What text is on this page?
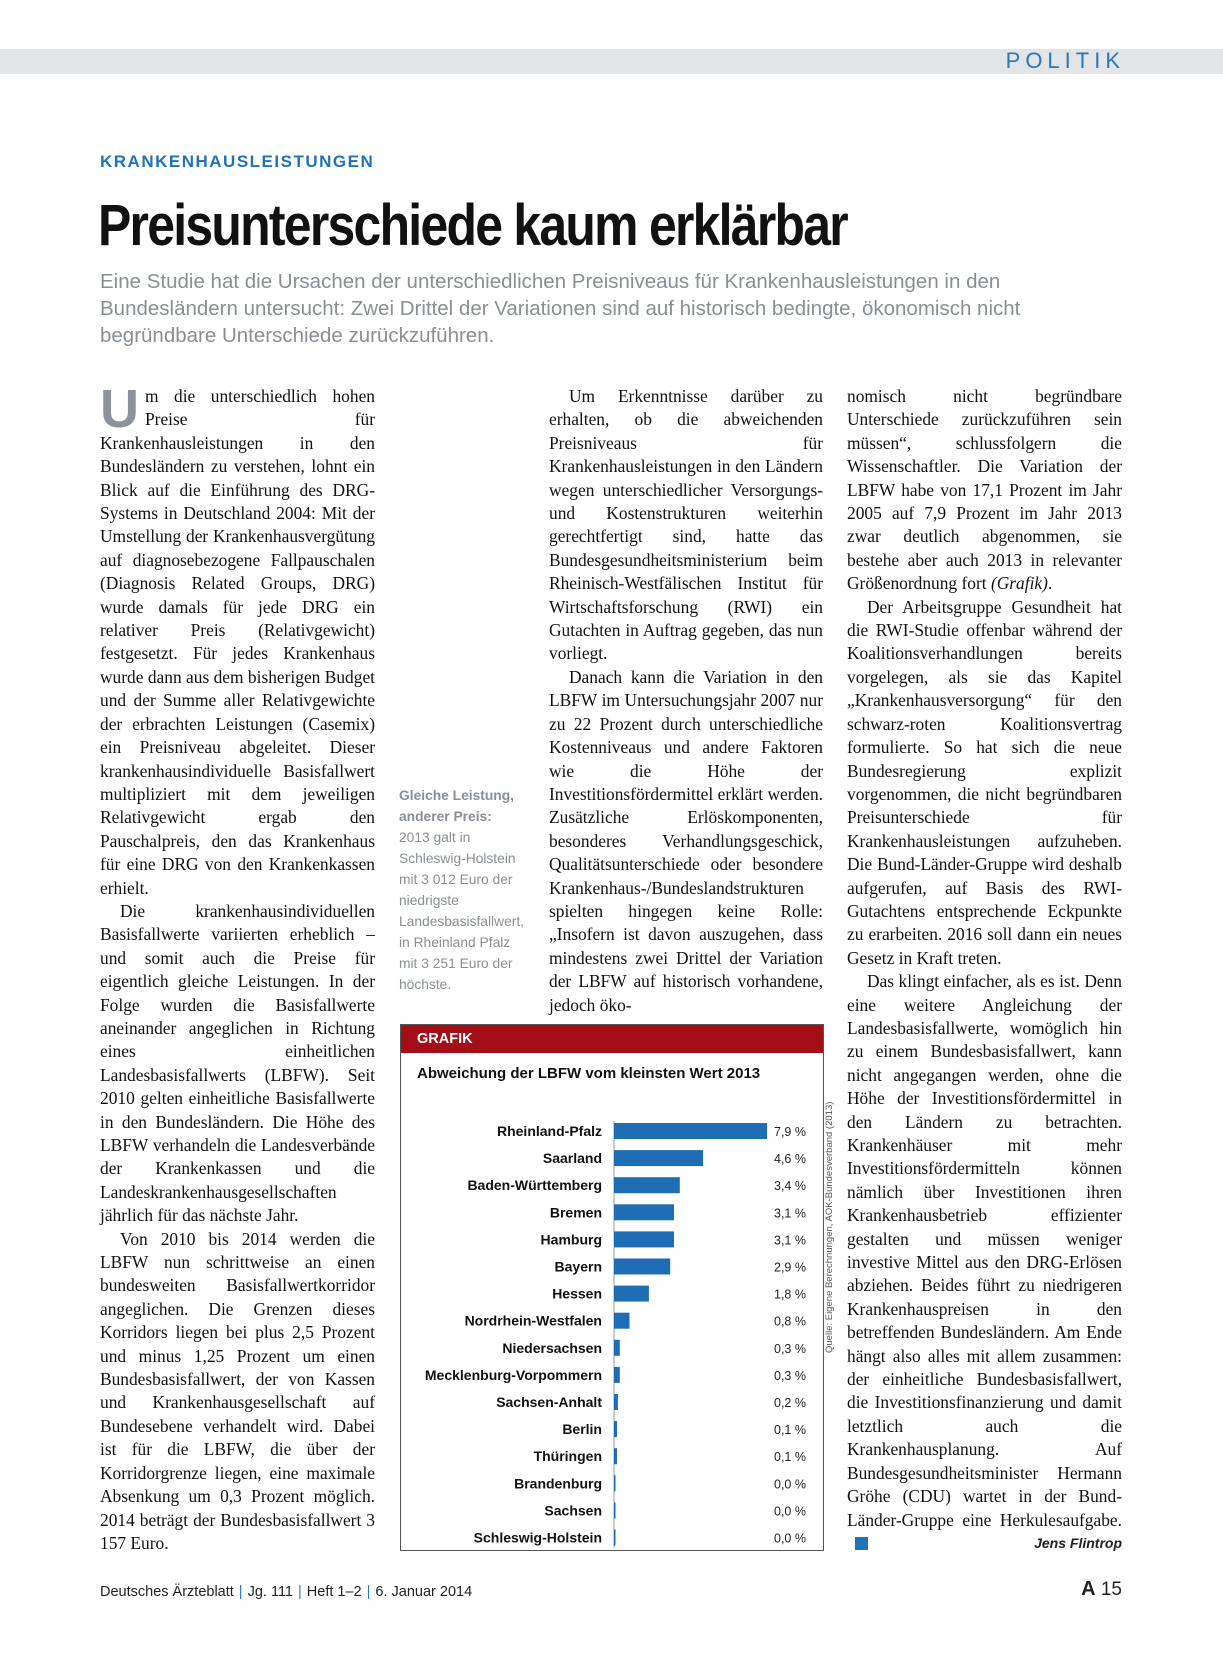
POLITIK
KRANKENHAUSLEISTUNGEN
Preisunterschiede kaum erklärbar
Eine Studie hat die Ursachen der unterschiedlichen Preisniveaus für Krankenhausleistungen in den Bundesländern untersucht: Zwei Drittel der Variationen sind auf historisch bedingte, ökonomisch nicht begründbare Unterschiede zurückzuführen.

Um die unterschiedlich hohen Preise für Krankenhausleistungen in den Bundesländern zu verstehen, lohnt ein Blick auf die Einführung des DRG-Systems in Deutschland 2004: Mit der Umstellung der Krankenhausvergütung auf diagnosebezogene Fallpauschalen (Diagnosis Related Groups, DRG) wurde damals für jede DRG ein relativer Preis (Relativgewicht) festgesetzt. Für jedes Krankenhaus wurde dann aus dem bisherigen Budget und der Summe aller Relativgewichte der erbrachten Leistungen (Casemix) ein Preisniveau abgeleitet. Dieser krankenhausindividuelle Basisfallwert multipliziert mit dem jeweiligen Relativgewicht ergab den Pauschalpreis, den das Krankenhaus für eine DRG von den Krankenkassen erhielt.

Die krankenhausindividuellen Basisfallwerte variierten erheblich – und somit auch die Preise für eigentlich gleiche Leistungen. In der Folge wurden die Basisfallwerte aneinander angeglichen in Richtung eines einheitlichen Landesbasisfallwerts (LBFW). Seit 2010 gelten einheitliche Basisfallwerte in den Bundesländern. Die Höhe des LBFW verhandeln die Landesverbände der Krankenkassen und die Landeskrankenhausgesellschaften jährlich für das nächste Jahr.

Von 2010 bis 2014 werden die LBFW nun schrittweise an einen bundesweiten Basisfallwertkorridor angeglichen. Die Grenzen dieses Korridors liegen bei plus 2,5 Prozent und minus 1,25 Prozent um einen Bundesbasisfallwert, der von Kassen und Krankenhausgesellschaft auf Bundesebene verhandelt wird. Dabei ist für die LBFW, die über der Korridorgrenze liegen, eine maximale Absenkung um 0,3 Prozent möglich. 2014 beträgt der Bundesbasisfallwert 3 157 Euro.

Gleiche Leistung, anderer Preis:
2013 galt in Schleswig-Holstein mit 3 012 Euro der niedrigste Landesbasisfallwert, in Rheinland Pfalz mit 3 251 Euro der höchste.

Um Erkenntnisse darüber zu erhalten, ob die abweichenden Preisniveaus für Krankenhausleistungen in den Ländern wegen unterschiedlicher Versorgungs- und Kostenstrukturen weiterhin gerechtfertigt sind, hatte das Bundesgesundheitsministerium beim Rheinisch-Westfälischen Institut für Wirtschaftsforschung (RWI) ein Gutachten in Auftrag gegeben, das nun vorliegt.

Danach kann die Variation in den LBFW im Untersuchungsjahr 2007 nur zu 22 Prozent durch unterschiedliche Kostenniveaus und andere Faktoren wie die Höhe der Investitionsfördermittel erklärt werden. Zusätzliche Erlöskomponenten, besonderes Verhandlungsgeschick, Qualitätsunterschiede oder besondere Krankenhaus-/Bundeslandstrukturen spielten hingegen keine Rolle: „Insofern ist davon auszugehen, dass mindestens zwei Drittel der Variation der LBFW auf historisch vorhandene, jedoch öko-

nomisch nicht begründbare Unterschiede zurückzuführen sein müssen“, schlussfolgern die Wissenschaftler. Die Variation der LBFW habe von 17,1 Prozent im Jahr 2005 auf 7,9 Prozent im Jahr 2013 zwar deutlich abgenommen, sie bestehe aber auch 2013 in relevanter Größenordnung fort (Grafik).

Der Arbeitsgruppe Gesundheit hat die RWI-Studie offenbar während der Koalitionsverhandlungen bereits vorgelegen, als sie das Kapitel „Krankenhausversorgung“ für den schwarz-roten Koalitionsvertrag formulierte. So hat sich die neue Bundesregierung explizit vorgenommen, die nicht begründbaren Preisunterschiede für Krankenhausleistungen aufzuheben. Die Bund-Länder-Gruppe wird deshalb aufgerufen, auf Basis des RWI-Gutachtens entsprechende Eckpunkte zu erarbeiten. 2016 soll dann ein neues Gesetz in Kraft treten.

Das klingt einfacher, als es ist. Denn eine weitere Angleichung der Landesbasisfallwerte, womöglich hin zu einem Bundesbasisfallwert, kann nicht angegangen werden, ohne die Höhe der Investitionsfördermittel in den Ländern zu betrachten. Krankenhäuser mit mehr Investitionsfördermitteln können nämlich über Investitionen ihren Krankenhausbetrieb effizienter gestalten und müssen weniger investive Mittel aus den DRG-Erlösen abziehen. Beides führt zu niedrigeren Krankenhauspreisen in den betreffenden Bundesländern. Am Ende hängt also alles mit allem zusammen: der einheitliche Bundesbasisfallwert, die Investitionsfinanzierung und damit letztlich auch die Krankenhausplanung. Auf Bundesgesundheitsminister Hermann Gröhe (CDU) wartet in der Bund-Länder-Gruppe eine Herkulesaufgabe.

GRAFIK
Abweichung der LBFW vom kleinsten Wert 2013
Rheinland-Pfalz	7,9 %
Saarland	4,6 %
Baden-Württemberg	3,4 %
Bremen	3,1 %
Hamburg	3,1 %
Bayern	2,9 %
Hessen	1,8 %
Nordrhein-Westfalen	0,8 %
Niedersachsen	0,3 %
Mecklenburg-Vorpommern	0,3 %
Sachsen-Anhalt	0,2 %
Berlin	0,1 %
Thüringen	0,1 %
Brandenburg	0,0 %
Sachsen	0,0 %
Schleswig-Holstein	0,0 %
Quelle: Eigene Berechnungen, AOK-Bundesverband (2013)
Jens Flintrop
Deutsches Ärzteblatt | Jg. 111 | Heft 1–2 | 6. Januar 2014	A 15
